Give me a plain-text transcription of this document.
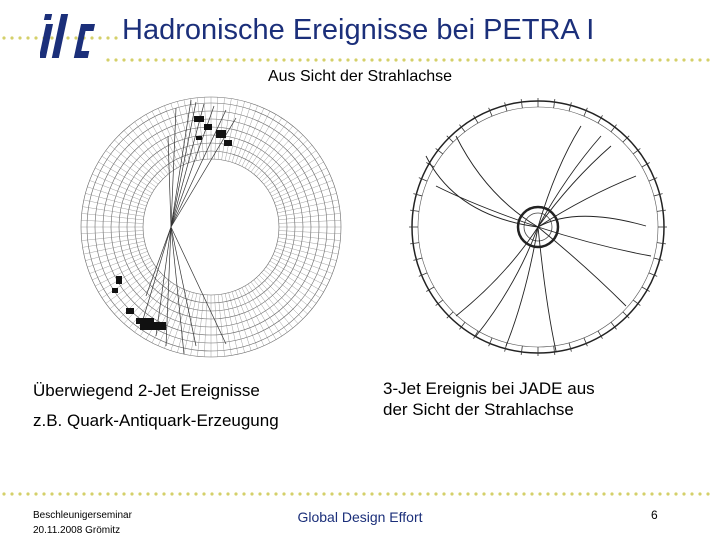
Hadronische Ereignisse bei PETRA I
Aus Sicht der Strahlachse
Überwiegend 2-Jet Ereignisse
z.B. Quark-Antiquark-Erzeugung
3-Jet Ereignis bei JADE aus
der Sicht der Strahlachse
Beschleunigerseminar
20.11.2008 Grömitz
Global Design Effort	6
